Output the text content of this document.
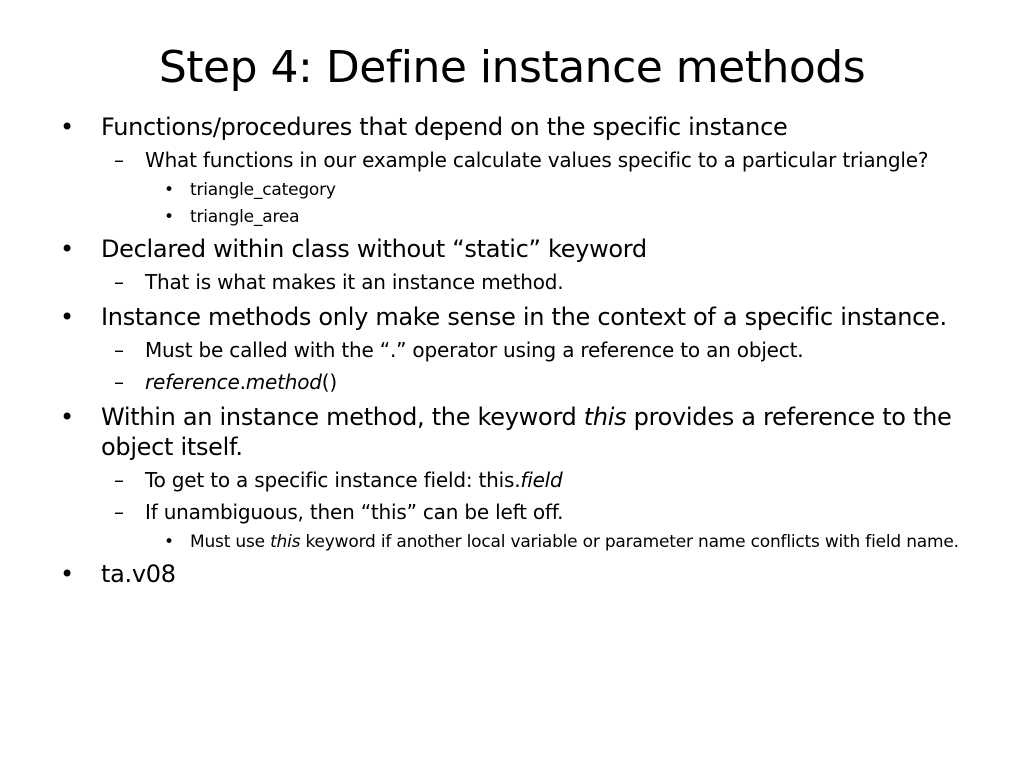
Step 4: Define instance methods
• Functions/procedures that depend on the specific instance
– What functions in our example calculate values specific to a particular triangle?
• triangle_category
• triangle_area
• Declared within class without “static” keyword
– That is what makes it an instance method.
• Instance methods only make sense in the context of a specific instance.
– Must be called with the “.” operator using a reference to an object.
– reference.method()
• Within an instance method, the keyword this provides a reference to the object itself.
– To get to a specific instance field: this.field
– If unambiguous, then “this” can be left off.
• Must use this keyword if another local variable or parameter name conflicts with field name.
• ta.v08
